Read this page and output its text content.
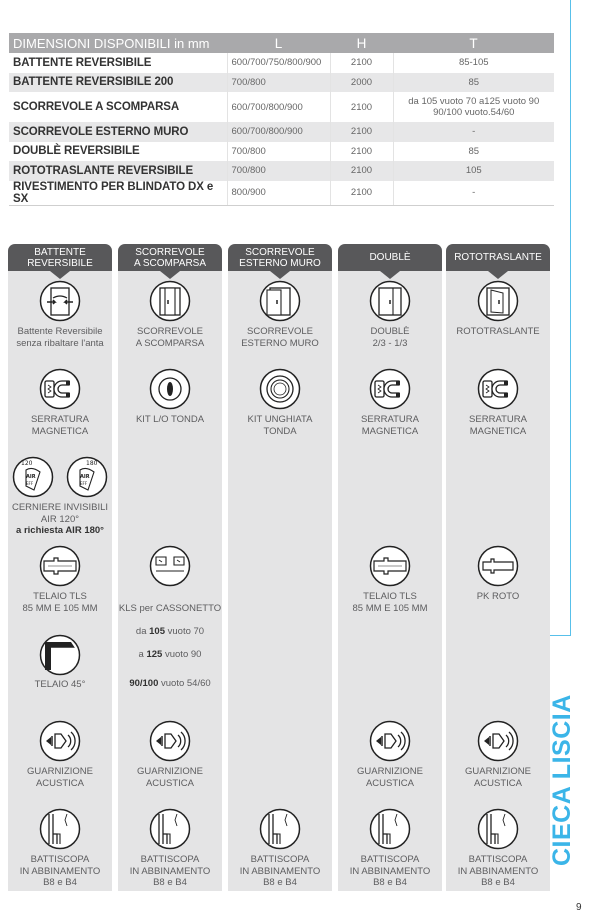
DIMENSIONI DISPONIBILI in mm	L	H	T
BATTENTE REVERSIBILE	600/700/750/800/900	2100	85-105
BATTENTE REVERSIBILE 200	700/800	2000	85
SCORREVOLE A SCOMPARSA	600/700/800/900	2100	da 105 vuoto 70 a125 vuoto 90
90/100 vuoto.54/60
SCORREVOLE ESTERNO MURO	600/700/800/900	2100	-
DOUBLÈ REVERSIBILE	700/800	2100	85
ROTOTRASLANTE REVERSIBILE	700/800	2100	105
RIVESTIMENTO PER BLINDATO DX e SX	800/900	2100	-
BATTENTE
REVERSIBILE
Battente Reversibile
senza ribaltare l'anta
SERRATURA
MAGNETICA
120
AIR
EFF
180
AIR
EFF
CERNIERE INVISIBILI
AIR 120°
a richiesta AIR 180°
TELAIO TLS
85 MM E 105 MM
TELAIO 45°
GUARNIZIONE
ACUSTICA
BATTISCOPA
IN ABBINAMENTO
B8 e B4
SCORREVOLE
A SCOMPARSA
SCORREVOLE
A SCOMPARSA
KIT L/O TONDA

KLS per CASSONETTO

da 105 vuoto 70

a 125 vuoto 90

90/100 vuoto 54/60

GUARNIZIONE
ACUSTICA
BATTISCOPA
IN ABBINAMENTO
B8 e B4
SCORREVOLE
ESTERNO MURO
SCORREVOLE
ESTERNO MURO
KIT UNGHIATA
TONDA
BATTISCOPA
IN ABBINAMENTO
B8 e B4
DOUBLÈ
DOUBLÈ
2/3 - 1/3
SERRATURA
MAGNETICA
TELAIO TLS
85 MM E 105 MM
GUARNIZIONE
ACUSTICA
BATTISCOPA
IN ABBINAMENTO
B8 e B4
ROTOTRASLANTE
ROTOTRASLANTE
SERRATURA
MAGNETICA
PK ROTO
GUARNIZIONE
ACUSTICA
BATTISCOPA
IN ABBINAMENTO
B8 e B4
CIECA LISCIA
9
